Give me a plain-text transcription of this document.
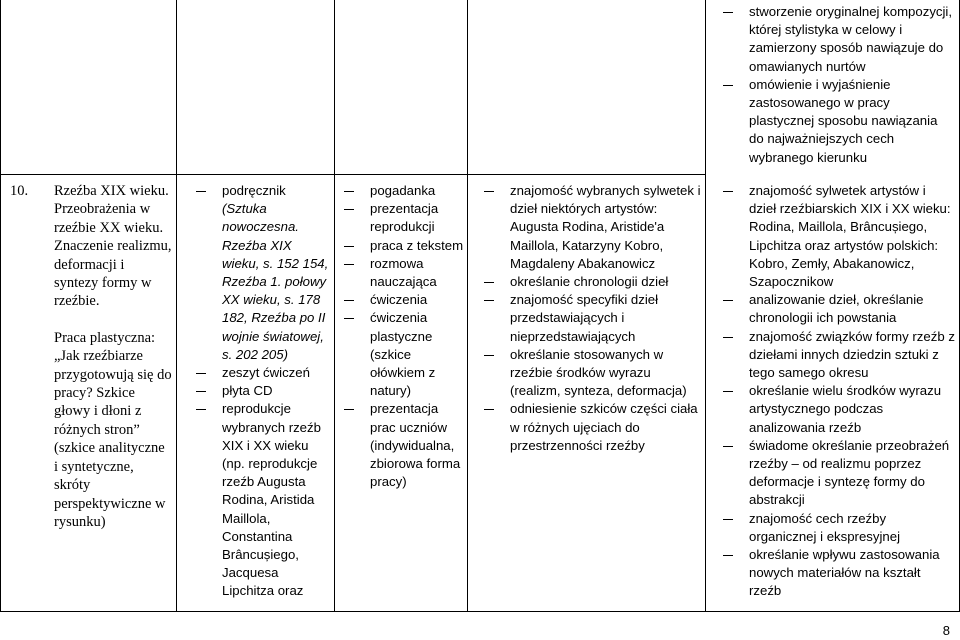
10. Rzeźba XIX wieku. Przeobrażenia w rzeźbie XX wieku. Znaczenie realizmu, deformacji i syntezy formy w rzeźbie.
Praca plastyczna: „Jak rzeźbiarze przygotowują się do pracy? Szkice głowy i dłoni z różnych stron” (szkice analityczne i syntetyczne, skróty perspektywiczne w rysunku)
podręcznik
(Sztuka nowoczesna. Rzeźba XIX wieku, s. 152 154, Rzeźba 1. połowy XX wieku, s. 178 182, Rzeźba po II wojnie światowej, s. 202 205)
zeszyt ćwiczeń
płyta CD
reprodukcje wybranych rzeźb XIX i XX wieku (np. reprodukcje rzeźb Augusta Rodina, Aristida Maillola, Constantina Brâncușiego, Jacquesa Lipchitza oraz
pogadanka
prezentacja reprodukcji
praca z tekstem
rozmowa nauczająca
ćwiczenia
ćwiczenia plastyczne (szkice ołówkiem z natury)
prezentacja prac uczniów (indywidualna, zbiorowa forma pracy)
znajomość wybranych sylwetek i dzieł niektórych artystów: Augusta Rodina, Aristide'a Maillola, Katarzyny Kobro, Magdaleny Abakanowicz
określanie chronologii dzieł
znajomość specyfiki dzieł przedstawiających i nieprzedstawiających
określanie stosowanych w rzeźbie środków wyrazu (realizm, synteza, deformacja)
odniesienie szkiców części ciała w różnych ujęciach do przestrzenności rzeźby
stworzenie oryginalnej kompozycji, której stylistyka w celowy i zamierzony sposób nawiązuje do omawianych nurtów
omówienie i wyjaśnienie zastosowanego w pracy plastycznej sposobu nawiązania do najważniejszych cech wybranego kierunku
znajomość sylwetek artystów i dzieł rzeźbiarskich XIX i XX wieku: Rodina, Maillola, Brâncușiego, Lipchitza oraz artystów polskich: Kobro, Zemły, Abakanowicz, Szapocznikow
analizowanie dzieł, określanie chronologii ich powstania
znajomość związków formy rzeźb z dziełami innych dziedzin sztuki z tego samego okresu
określanie wielu środków wyrazu artystycznego podczas analizowania rzeźb
świadome określanie przeobrażeń rzeźby – od realizmu poprzez deformacje i syntezę formy do abstrakcji
znajomość cech rzeźby organicznej i ekspresyjnej
określanie wpływu zastosowania nowych materiałów na kształt rzeźb
8
